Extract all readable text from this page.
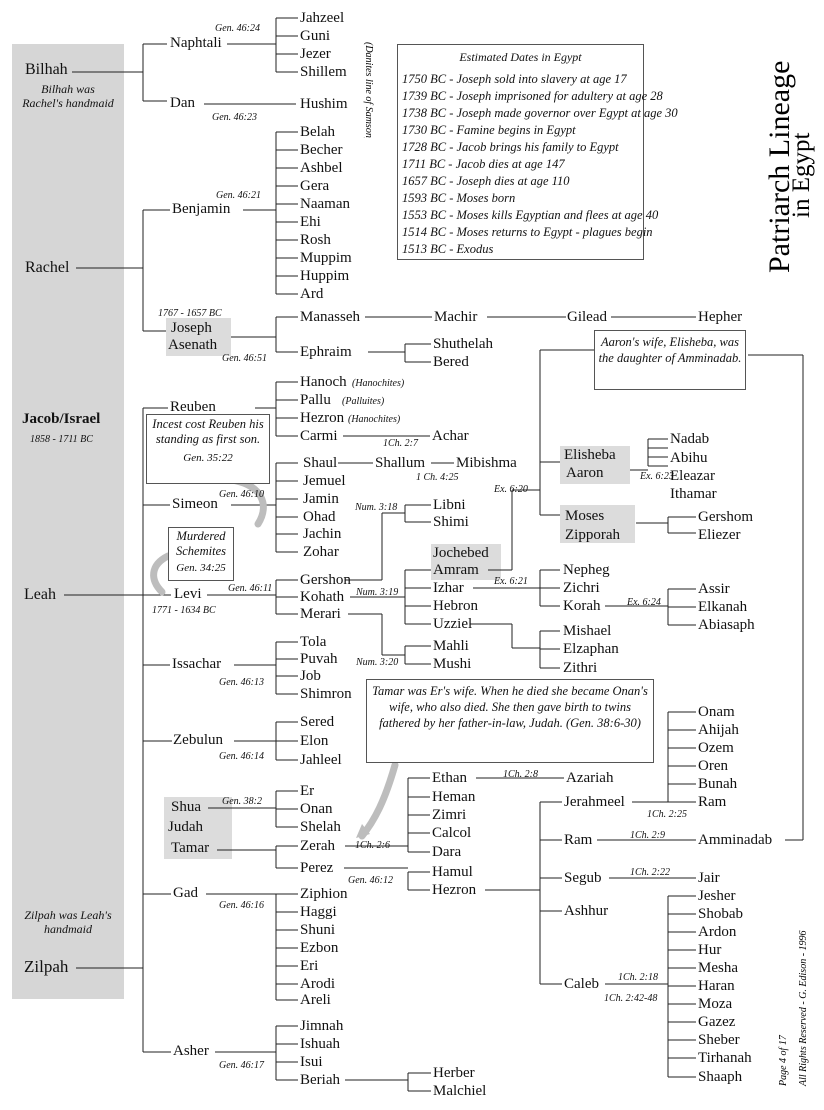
Estimated Dates in Egypt
1750 BC - Joseph sold into slavery at age 17
1739 BC - Joseph imprisoned for adultery at age 28
1738 BC - Joseph made governor over Egypt at age 30
1730 BC - Famine begins in Egypt
1728 BC - Jacob brings his family to Egypt
1711 BC - Jacob dies at age 147
1657 BC - Joseph dies at age 110
1593 BC - Moses born
1553 BC - Moses kills Egyptian and flees at age 40
1514 BC - Moses returns to Egypt - plagues begin
1513 BC - Exodus	Patriarch Lineage
in Egypt
Page 4 of 17 All Rights Reserved - G. Edison - 1996
Incest cost Reuben his standing as first son.
Gen. 35:22
Murdered Schemites
Gen. 34:25
Aaron's wife, Elisheba, was the daughter of Amminadab.
Tamar was Er's wife. When he died she became Onan's wife, who also died. She then gave birth to twins fathered by her father-in-law, Judah. (Gen. 38:6-30)
(Danites line of Samson)
Bilhah
Rachel
Leah
Zilpah
Naphtali
Dan
Benjamin
Joseph
Asenath
Reuben
Simeon
Levi
Issachar
Zebulun
Shua
Judah
Tamar
Gad
Asher
Jahzeel
Guni
Jezer
Shillem
Hushim
Belah
Becher
Ashbel
Gera
Naaman
Ehi
Rosh
Muppim
Huppim
Ard
Manasseh	Machir	Gilead	Hepher
Ephraim	Shuthelah
Bered
Hanoch
Pallu
Hezron
Carmi	Achar
Shaul	Shallum Mibishma
Jemuel
Jamin
Ohad
Jachin
Zohar
Gershon
Kohath
Merari
Libni
Shimi
Jochebed
Amram
Izhar
Hebron
Uzziel
Mahli
Mushi
Elisheba
Aaron
Nadab
Abihu
Eleazar
Ithamar
Moses
Zipporah
Gershom
Eliezer
Nepheg
Zichri
Korah
Assir
Elkanah
Abiasaph
Mishael
Elzaphan
Zithri
Tola
Puvah
Job
Shimron
Sered
Elon
Jahleel
Er
Onan
Shelah
Zerah
Perez
Ethan
Heman
Zimri
Calcol
Dara
Azariah
Hamul
Hezron
Jerahmeel
Ram
Segub
Ashhur
Caleb
Onam
Ahijah
Ozem
Oren
Bunah
Ram
Amminadab
Jair
Jesher
Shobab
Ardon
Hur
Mesha
Haran
Moza
Gazez
Sheber
Tirhanah
Shaaph
Ziphion
Haggi
Shuni
Ezbon
Eri
Arodi
Areli
Jimnah
Ishuah
Isui
Beriah	Herber
Malchiel
Jacob/Israel
Gen. 46:24
Gen. 46:23
Gen. 46:21
Gen. 46:51
1Ch. 2:7
1 Ch. 4:25
Gen. 46:10
Gen. 46:11
Num. 3:18
Num. 3:19
Ex. 6:20
Ex. 6:21
Ex. 6:23
Ex. 6:24
Num. 3:20
Gen. 46:13
Gen. 46:14
Gen. 38:2
1Ch. 2:6
1Ch. 2:8
Gen. 46:12
1Ch. 2:25
1Ch. 2:9
1Ch. 2:22
1Ch. 2:18
1Ch. 2:42-48
Gen. 46:16
Gen. 46:17
1858 - 1711 BC
1767 - 1657 BC
1771 - 1634 BC
(Hanochites)
(Palluites)
(Hanochites)
Bilhah was Rachel's handmaid
Zilpah was Leah's handmaid
